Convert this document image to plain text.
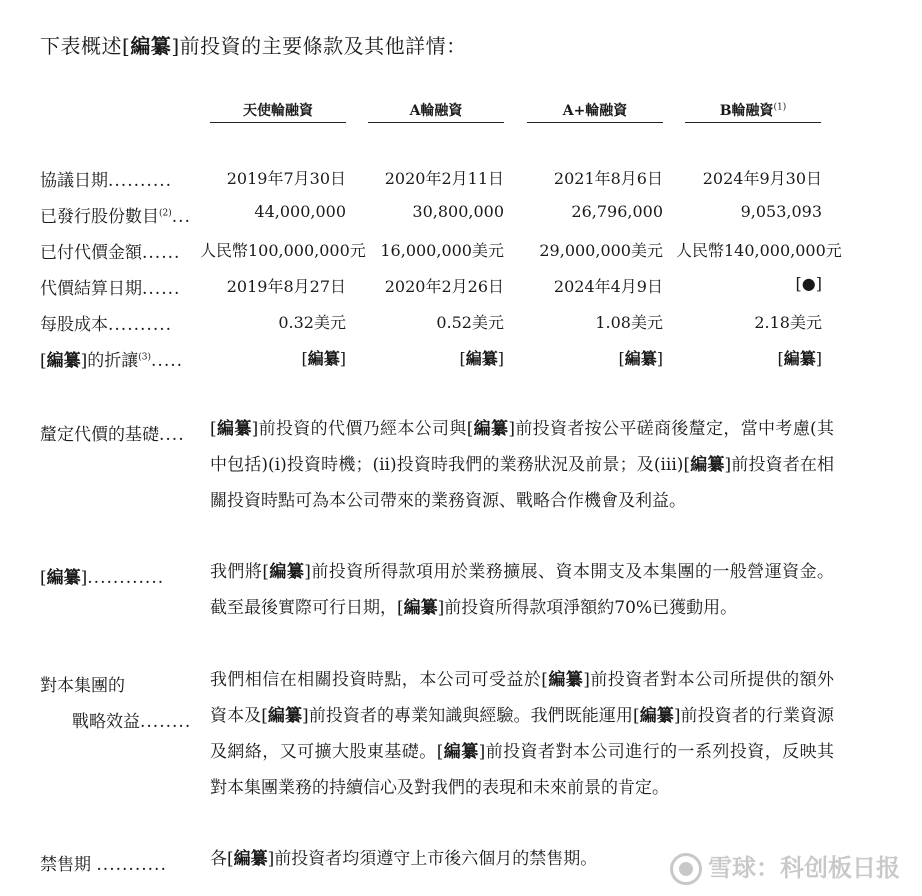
下表概述[編纂]前投資的主要條款及其他詳情：
天使輪融資	A輪融資	A+輪融資	B輪融資$^{(1)}$
協議日期..........	2019年7月30日	2020年2月11日	2021年8月6日	2024年9月30日
已發行股份數目$^{(2)}$...	44,000,000	30,800,000	26,796,000	9,053,093
已付代價金額...... 人民幣100,000,000元 16,000,000美元	29,000,000美元 人民幣140,000,000元
代價結算日期......	2019年8月27日	2020年2月26日	2024年4月9日	[●]
每股成本..........	0.32美元	0.52美元	1.08美元	2.18美元
[編纂]的折讓$^{(3)}$.....	[編纂]	[編纂]	[編纂]	[編纂]
釐定代價的基礎.... [編纂]前投資的代價乃經本公司與[編纂]前投資者按公平磋商後釐定，當中考慮(其中包括)(i)投資時機；(ii)投資時我們的業務狀況及前景；及(iii)[編纂]前投資者在相關投資時點可為本公司帶來的業務資源、戰略合作機會及利益。
[編纂]............	我們將[編纂]前投資所得款項用於業務擴展、資本開支及本集團的一般營運資金。截至最後實際可行日期，[編纂]前投資所得款項淨額約70%已獲動用。
對本集團的
戰略效益........
我們相信在相關投資時點，本公司可受益於[編纂]前投資者對本公司所提供的額外資本及[編纂]前投資者的專業知識與經驗。我們既能運用[編纂]前投資者的行業資源及網絡，又可擴大股東基礎。[編纂]前投資者對本公司進行的一系列投資，反映其對本集團業務的持續信心及對我們的表現和未來前景的肯定。
禁售期 ...........	各[編纂]前投資者均須遵守上市後六個月的禁售期。	雪球：科创板日报
